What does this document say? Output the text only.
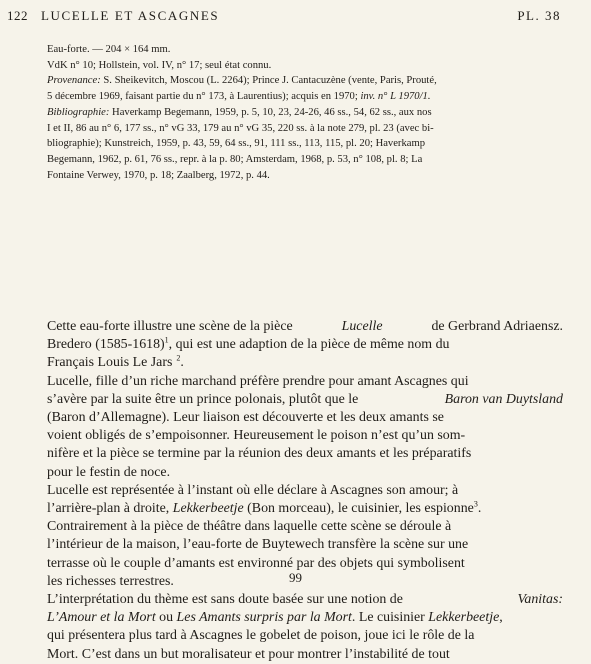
122 LUCELLE ET ASCAGNES	PL. 38
Eau-forte. — 204 × 164 mm.
VdK n° 10; Hollstein, vol. IV, n° 17; seul état connu.
Provenance: S. Sheikevitch, Moscou (L. 2264); Prince J. Cantacuzène (vente, Paris, Prouté,
5 décembre 1969, faisant partie du n° 173, à Laurentius); acquis en 1970; inv. n° L 1970/1.
Bibliographie: Haverkamp Begemann, 1959, p. 5, 10, 23, 24-26, 46 ss., 54, 62 ss., aux nos
I et II, 86 au n° 6, 177 ss., n° vG 33, 179 au n° vG 35, 220 ss. à la note 279, pl. 23 (avec bi-
bliographie); Kunstreich, 1959, p. 43, 59, 64 ss., 91, 111 ss., 113, 115, pl. 20; Haverkamp
Begemann, 1962, p. 61, 76 ss., repr. à la p. 80; Amsterdam, 1968, p. 53, n° 108, pl. 8; La
Fontaine Verwey, 1970, p. 18; Zaalberg, 1972, p. 44.
Cette eau-forte illustre une scène de la pièce	Lucelle	de Gerbrand Adriaensz.
Bredero (1585-1618)$^1$, qui est une adaption de la pièce de même nom du
Français Louis Le Jars $^2$.
Lucelle, fille d’un riche marchand préfère prendre pour amant Ascagnes qui
s’avère par la suite être un prince polonais, plutôt que le	Baron van Duytsland
(Baron d’Allemagne). Leur liaison est découverte et les deux amants se
voient obligés de s’empoisonner. Heureusement le poison n’est qu’un som-
nifère et la pièce se termine par la réunion des deux amants et les préparatifs
pour le festin de noce.
Lucelle est représentée à l’instant où elle déclare à Ascagnes son amour; à
l’arrière-plan à droite, Lekkerbeetje (Bon morceau), le cuisinier, les espionne$^3$.
Contrairement à la pièce de théâtre dans laquelle cette scène se déroule à
l’intérieur de la maison, l’eau-forte de Buytewech transfère la scène sur une
terrasse où le couple d’amants est environné par des objets qui symbolisent
les richesses terrestres.
L’interprétation du thème est sans doute basée sur une notion de	Vanitas:
L’Amour et la Mort ou Les Amants surpris par la Mort. Le cuisinier Lekkerbeetje,
qui présentera plus tard à Ascagnes le gobelet de poison, joue ici le rôle de la
Mort. C’est dans un but moralisateur et pour montrer l’instabilité de tout
99
